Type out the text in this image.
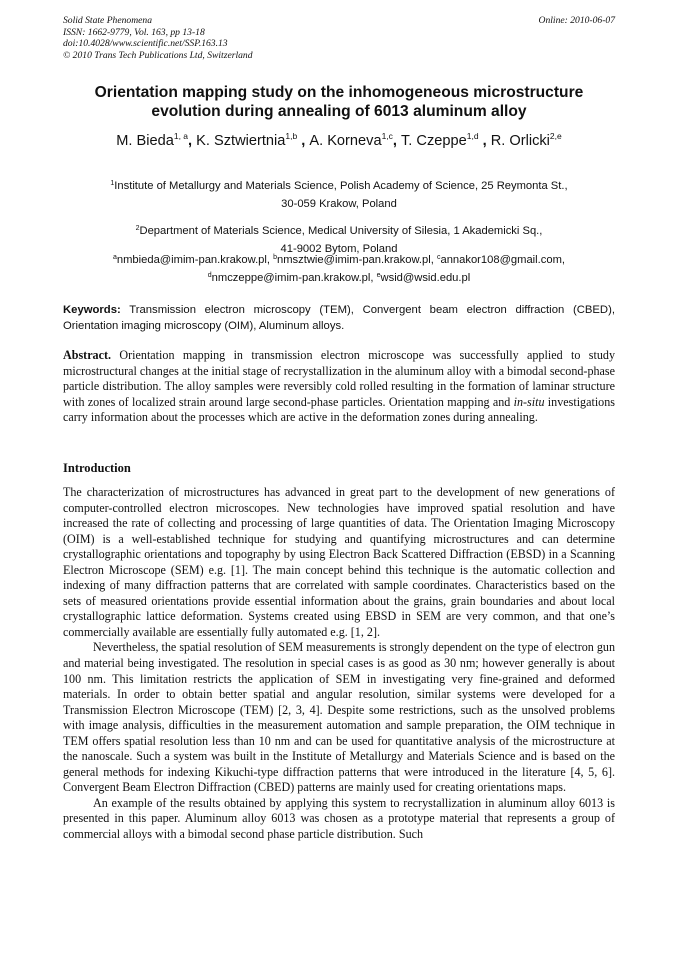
Solid State Phenomena
ISSN: 1662-9779, Vol. 163, pp 13-18
doi:10.4028/www.scientific.net/SSP.163.13
© 2010 Trans Tech Publications Ltd, Switzerland
Online: 2010-06-07
Orientation mapping study on the inhomogeneous microstructure
evolution during annealing of 6013 aluminum alloy
M. Bieda$^{1, a}$, K. Sztwiertnia$^{1,b}$ , A. Korneva$^{1,c}$, T. Czeppe$^{1,d}$ , R. Orlicki$^{2,e}$
$^1$Institute of Metallurgy and Materials Science, Polish Academy of Science, 25 Reymonta St.,
30-059 Krakow, Poland
$^2$Department of Materials Science, Medical University of Silesia, 1 Akademicki Sq.,
41-9002 Bytom, Poland
$^a$nmbieda@imim-pan.krakow.pl, $^b$nmsztwie@imim-pan.krakow.pl, $^c$annakor108@gmail.com,
$^d$nmczeppe@imim-pan.krakow.pl, $^e$wsid@wsid.edu.pl
Keywords: Transmission electron microscopy (TEM), Convergent beam electron diffraction (CBED), Orientation imaging microscopy (OIM), Aluminum alloys.

Abstract. Orientation mapping in transmission electron microscope was successfully applied to study microstructural changes at the initial stage of recrystallization in the aluminum alloy with a bimodal second-phase particle distribution. The alloy samples were reversibly cold rolled resulting in the formation of laminar structure with zones of localized strain around large second-phase particles. Orientation mapping and in-situ investigations carry information about the processes which are active in the deformation zones during annealing.

Introduction

The characterization of microstructures has advanced in great part to the development of new generations of computer-controlled electron microscopes. New technologies have improved spatial resolution and have increased the rate of collecting and processing of large quantities of data. The Orientation Imaging Microscopy (OIM) is a well-established technique for studying and quantifying microstructures and can determine crystallographic orientations and topography by using Electron Back Scattered Diffraction (EBSD) in a Scanning Electron Microscope (SEM) e.g. [1]. The main concept behind this technique is the automatic collection and indexing of many diffraction patterns that are correlated with sample coordinates. Characteristics based on the sets of measured orientations provide essential information about the grains, grain boundaries and about local crystallographic lattice deformation. Systems created using EBSD in SEM are very common, and that one’s commercially available are essentially fully automated e.g. [1, 2].

Nevertheless, the spatial resolution of SEM measurements is strongly dependent on the type of electron gun and material being investigated. The resolution in special cases is as good as 30 nm; however generally is about 100 nm. This limitation restricts the application of SEM in investigating very fine-grained and deformed materials. In order to obtain better spatial and angular resolution, similar systems were developed for a Transmission Electron Microscope (TEM) [2, 3, 4]. Despite some restrictions, such as the unsolved problems with image analysis, difficulties in the measurement automation and sample preparation, the OIM technique in TEM offers spatial resolution less than 10 nm and can be used for quantitative analysis of the microstructure at the nanoscale. Such a system was built in the Institute of Metallurgy and Materials Science and is based on the general methods for indexing Kikuchi-type diffraction patterns that were introduced in the literature [4, 5, 6]. Convergent Beam Electron Diffraction (CBED) patterns are mainly used for creating orientations maps.

An example of the results obtained by applying this system to recrystallization in aluminum alloy 6013 is presented in this paper. Aluminum alloy 6013 was chosen as a prototype material that represents a group of commercial alloys with a bimodal second phase particle distribution. Such
